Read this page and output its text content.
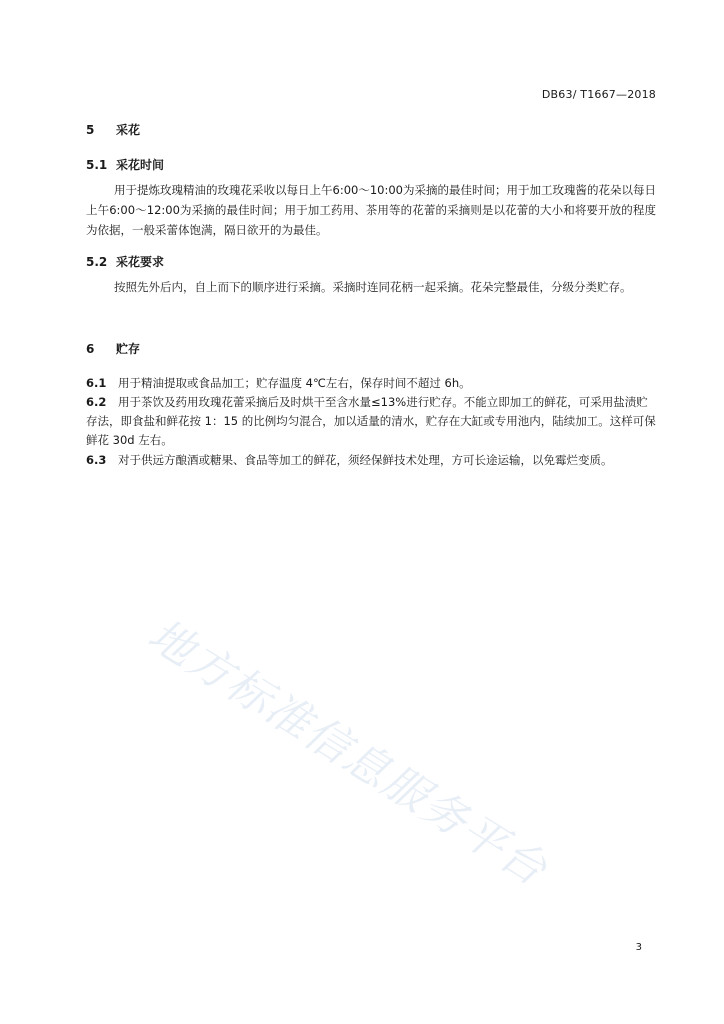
DB63/ T1667—2018
5 采花
5.1 采花时间
用于提炼玫瑰精油的玫瑰花采收以每日上午6:00～10:00为采摘的最佳时间；用于加工玫瑰酱的花朵以每日上午6:00～12:00为采摘的最佳时间；用于加工药用、茶用等的花蕾的采摘则是以花蕾的大小和将要开放的程度为依据，一般采蕾体饱满，隔日欲开的为最佳。
5.2 采花要求
按照先外后内，自上而下的顺序进行采摘。采摘时连同花柄一起采摘。花朵完整最佳，分级分类贮存。
6 贮存
6.1 用于精油提取或食品加工；贮存温度 4℃左右，保存时间不超过 6h。
6.2 用于茶饮及药用玫瑰花蕾采摘后及时烘干至含水量≤13%进行贮存。不能立即加工的鲜花，可采用盐渍贮存法，即食盐和鲜花按 1：15 的比例均匀混合，加以适量的清水，贮存在大缸或专用池内，陆续加工。这样可保鲜花 30d 左右。
6.3 对于供远方酿酒或糖果、食品等加工的鲜花，须经保鲜技术处理，方可长途运输，以免霉烂变质。
地方标准信息服务平台
3
